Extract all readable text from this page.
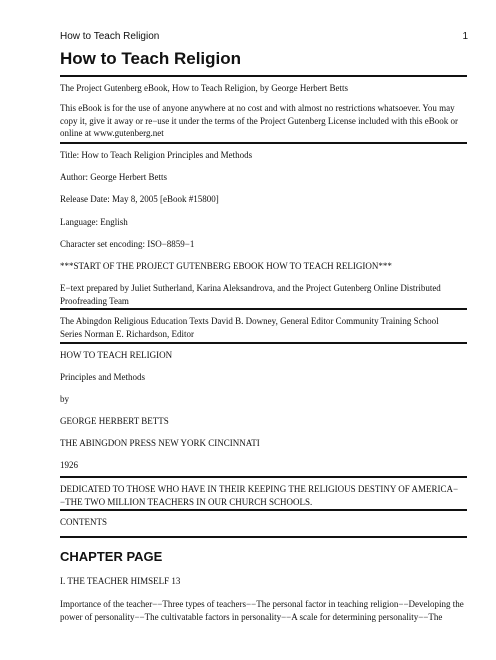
How to Teach Religion	1
How to Teach Religion

The Project Gutenberg eBook, How to Teach Religion, by George Herbert Betts

This eBook is for the use of anyone anywhere at no cost and with almost no restrictions whatsoever. You may copy it, give it away or re−use it under the terms of the Project Gutenberg License included with this eBook or online at www.gutenberg.net

Title: How to Teach Religion Principles and Methods

Author: George Herbert Betts

Release Date: May 8, 2005 [eBook #15800]

Language: English

Character set encoding: ISO−8859−1

***START OF THE PROJECT GUTENBERG EBOOK HOW TO TEACH RELIGION***

E−text prepared by Juliet Sutherland, Karina Aleksandrova, and the Project Gutenberg Online Distributed Proofreading Team

The Abingdon Religious Education Texts David B. Downey, General Editor Community Training School Series Norman E. Richardson, Editor

HOW TO TEACH RELIGION

Principles and Methods

by

GEORGE HERBERT BETTS

THE ABINGDON PRESS NEW YORK CINCINNATI

1926

DEDICATED TO THOSE WHO HAVE IN THEIR KEEPING THE RELIGIOUS DESTINY OF AMERICA−−THE TWO MILLION TEACHERS IN OUR CHURCH SCHOOLS.

CONTENTS

CHAPTER PAGE

I. THE TEACHER HIMSELF 13

Importance of the teacher−−Three types of teachers−−The personal factor in teaching religion−−Developing the power of personality−−The cultivatable factors in personality−−A scale for determining personality−−The
